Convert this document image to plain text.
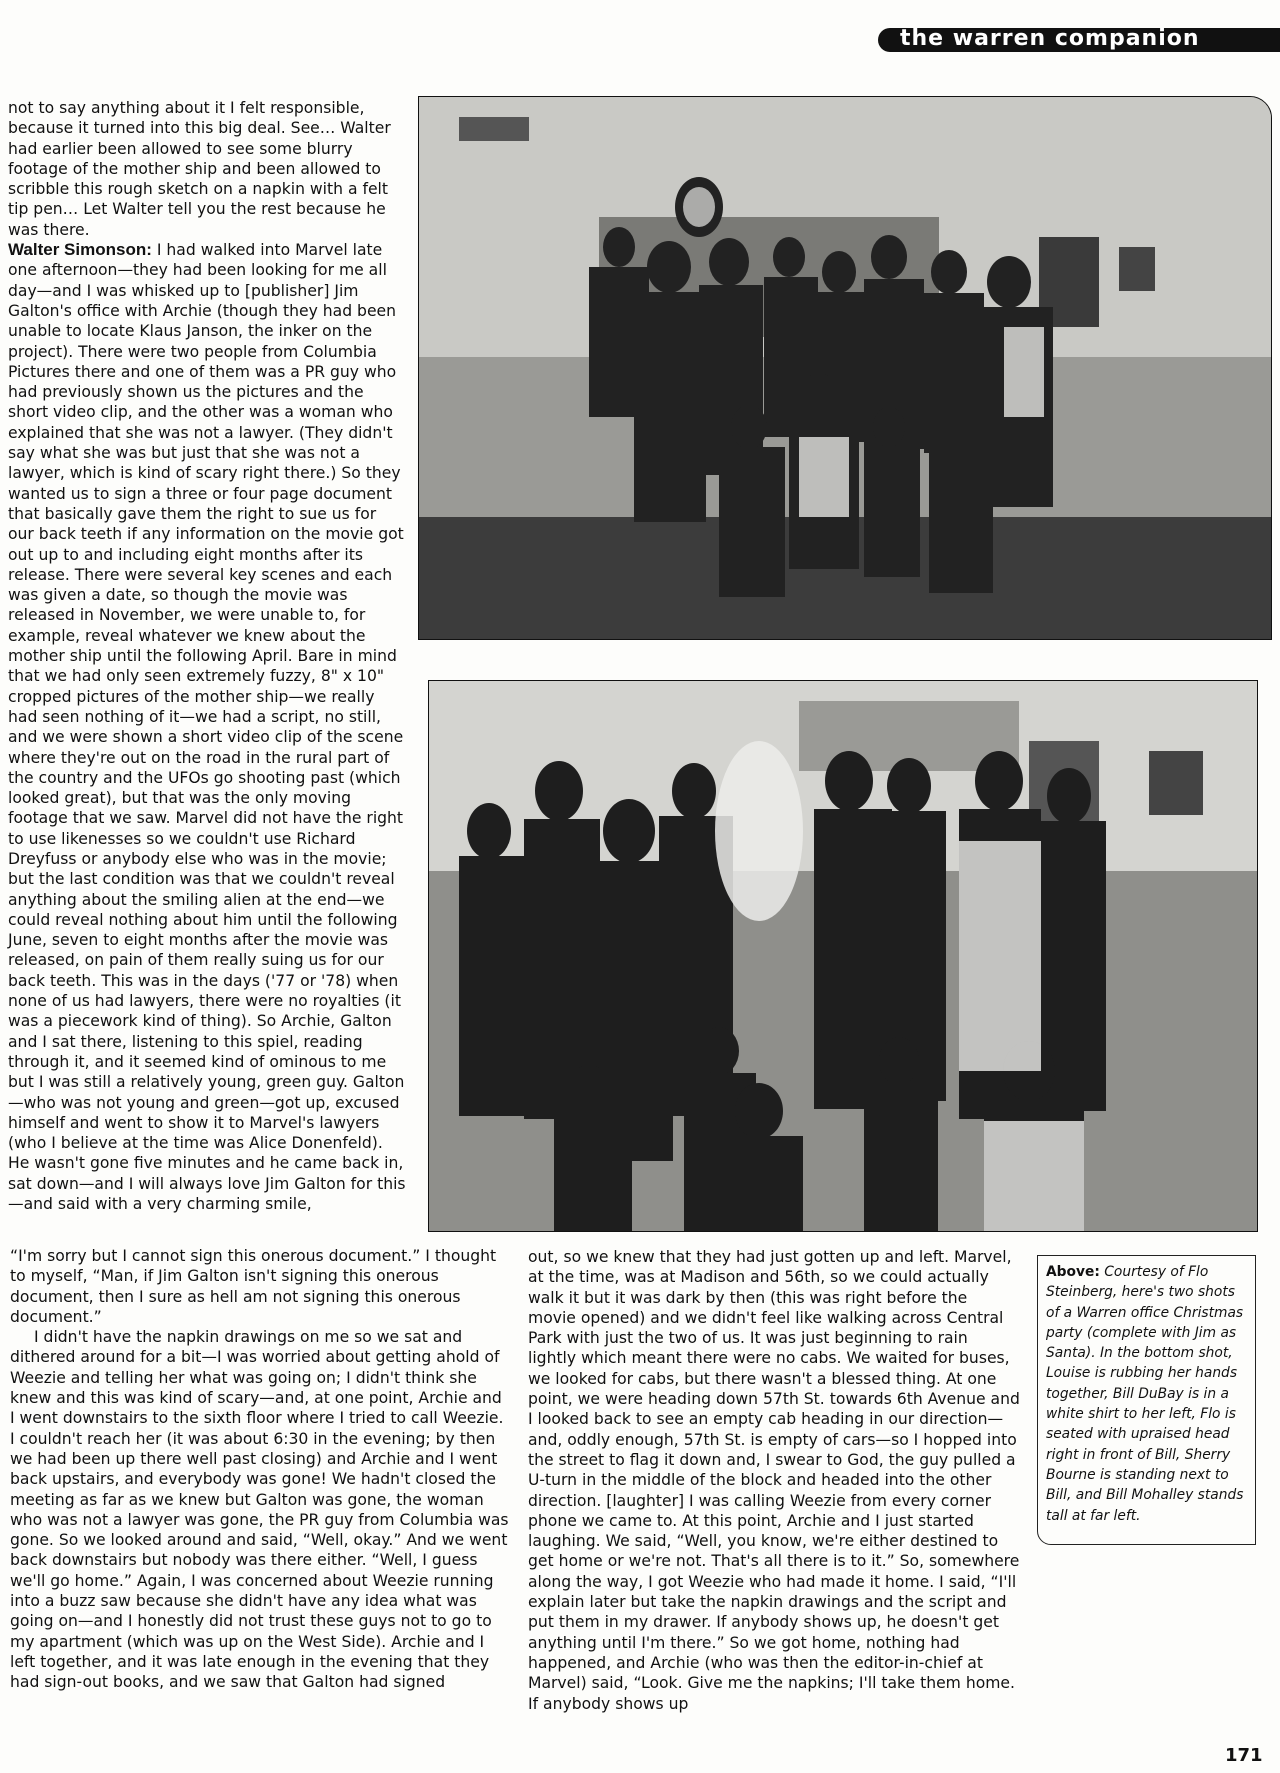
the warren companion

not to say anything about it I felt responsible, because it turned into this big deal. See… Walter had earlier been allowed to see some blurry footage of the mother ship and been allowed to scribble this rough sketch on a napkin with a felt tip pen… Let Walter tell you the rest because he was there.

Walter Simonson: I had walked into Marvel late one afternoon—they had been looking for me all day—and I was whisked up to [publisher] Jim Galton's office with Archie (though they had been unable to locate Klaus Janson, the inker on the project). There were two people from Columbia Pictures there and one of them was a PR guy who had previously shown us the pictures and the short video clip, and the other was a woman who explained that she was not a lawyer. (They didn't say what she was but just that she was not a lawyer, which is kind of scary right there.) So they wanted us to sign a three or four page document that basically gave them the right to sue us for our back teeth if any information on the movie got out up to and including eight months after its release. There were several key scenes and each was given a date, so though the movie was released in November, we were unable to, for example, reveal whatever we knew about the mother ship until the following April. Bare in mind that we had only seen extremely fuzzy, 8" x 10" cropped pictures of the mother ship—we really had seen nothing of it—we had a script, no still, and we were shown a short video clip of the scene where they're out on the road in the rural part of the country and the UFOs go shooting past (which looked great), but that was the only moving footage that we saw. Marvel did not have the right to use likenesses so we couldn't use Richard Dreyfuss or anybody else who was in the movie; but the last condition was that we couldn't reveal anything about the smiling alien at the end—we could reveal nothing about him until the following June, seven to eight months after the movie was released, on pain of them really suing us for our back teeth. This was in the days ('77 or '78) when none of us had lawyers, there were no royalties (it was a piecework kind of thing). So Archie, Galton and I sat there, listening to this spiel, reading through it, and it seemed kind of ominous to me but I was still a relatively young, green guy. Galton—who was not young and green—got up, excused himself and went to show it to Marvel's lawyers (who I believe at the time was Alice Donenfeld). He wasn't gone five minutes and he came back in, sat down—and I will always love Jim Galton for this—and said with a very charming smile,

“I'm sorry but I cannot sign this onerous document.” I thought to myself, “Man, if Jim Galton isn't signing this onerous document, then I sure as hell am not signing this onerous document.”

I didn't have the napkin drawings on me so we sat and dithered around for a bit—I was worried about getting ahold of Weezie and telling her what was going on; I didn't think she knew and this was kind of scary—and, at one point, Archie and I went downstairs to the sixth floor where I tried to call Weezie. I couldn't reach her (it was about 6:30 in the evening; by then we had been up there well past closing) and Archie and I went back upstairs, and everybody was gone! We hadn't closed the meeting as far as we knew but Galton was gone, the woman who was not a lawyer was gone, the PR guy from Columbia was gone. So we looked around and said, “Well, okay.” And we went back downstairs but nobody was there either. “Well, I guess we'll go home.” Again, I was concerned about Weezie running into a buzz saw because she didn't have any idea what was going on—and I honestly did not trust these guys not to go to my apartment (which was up on the West Side). Archie and I left together, and it was late enough in the evening that they had sign-out books, and we saw that Galton had signed

out, so we knew that they had just gotten up and left. Marvel, at the time, was at Madison and 56th, so we could actually walk it but it was dark by then (this was right before the movie opened) and we didn't feel like walking across Central Park with just the two of us. It was just beginning to rain lightly which meant there were no cabs. We waited for buses, we looked for cabs, but there wasn't a blessed thing. At one point, we were heading down 57th St. towards 6th Avenue and I looked back to see an empty cab heading in our direction—and, oddly enough, 57th St. is empty of cars—so I hopped into the street to flag it down and, I swear to God, the guy pulled a U-turn in the middle of the block and headed into the other direction. [laughter] I was calling Weezie from every corner phone we came to. At this point, Archie and I just started laughing. We said, “Well, you know, we're either destined to get home or we're not. That's all there is to it.” So, somewhere along the way, I got Weezie who had made it home. I said, “I'll explain later but take the napkin drawings and the script and put them in my drawer. If anybody shows up, he doesn't get anything until I'm there.” So we got home, nothing had happened, and Archie (who was then the editor-in-chief at Marvel) said, “Look. Give me the napkins; I'll take them home. If anybody shows up

Above: Courtesy of Flo Steinberg, here's two shots of a Warren office Christmas party (complete with Jim as Santa). In the bottom shot, Louise is rubbing her hands together, Bill DuBay is in a white shirt to her left, Flo is seated with upraised head right in front of Bill, Sherry Bourne is standing next to Bill, and Bill Mohalley stands tall at far left.
171
